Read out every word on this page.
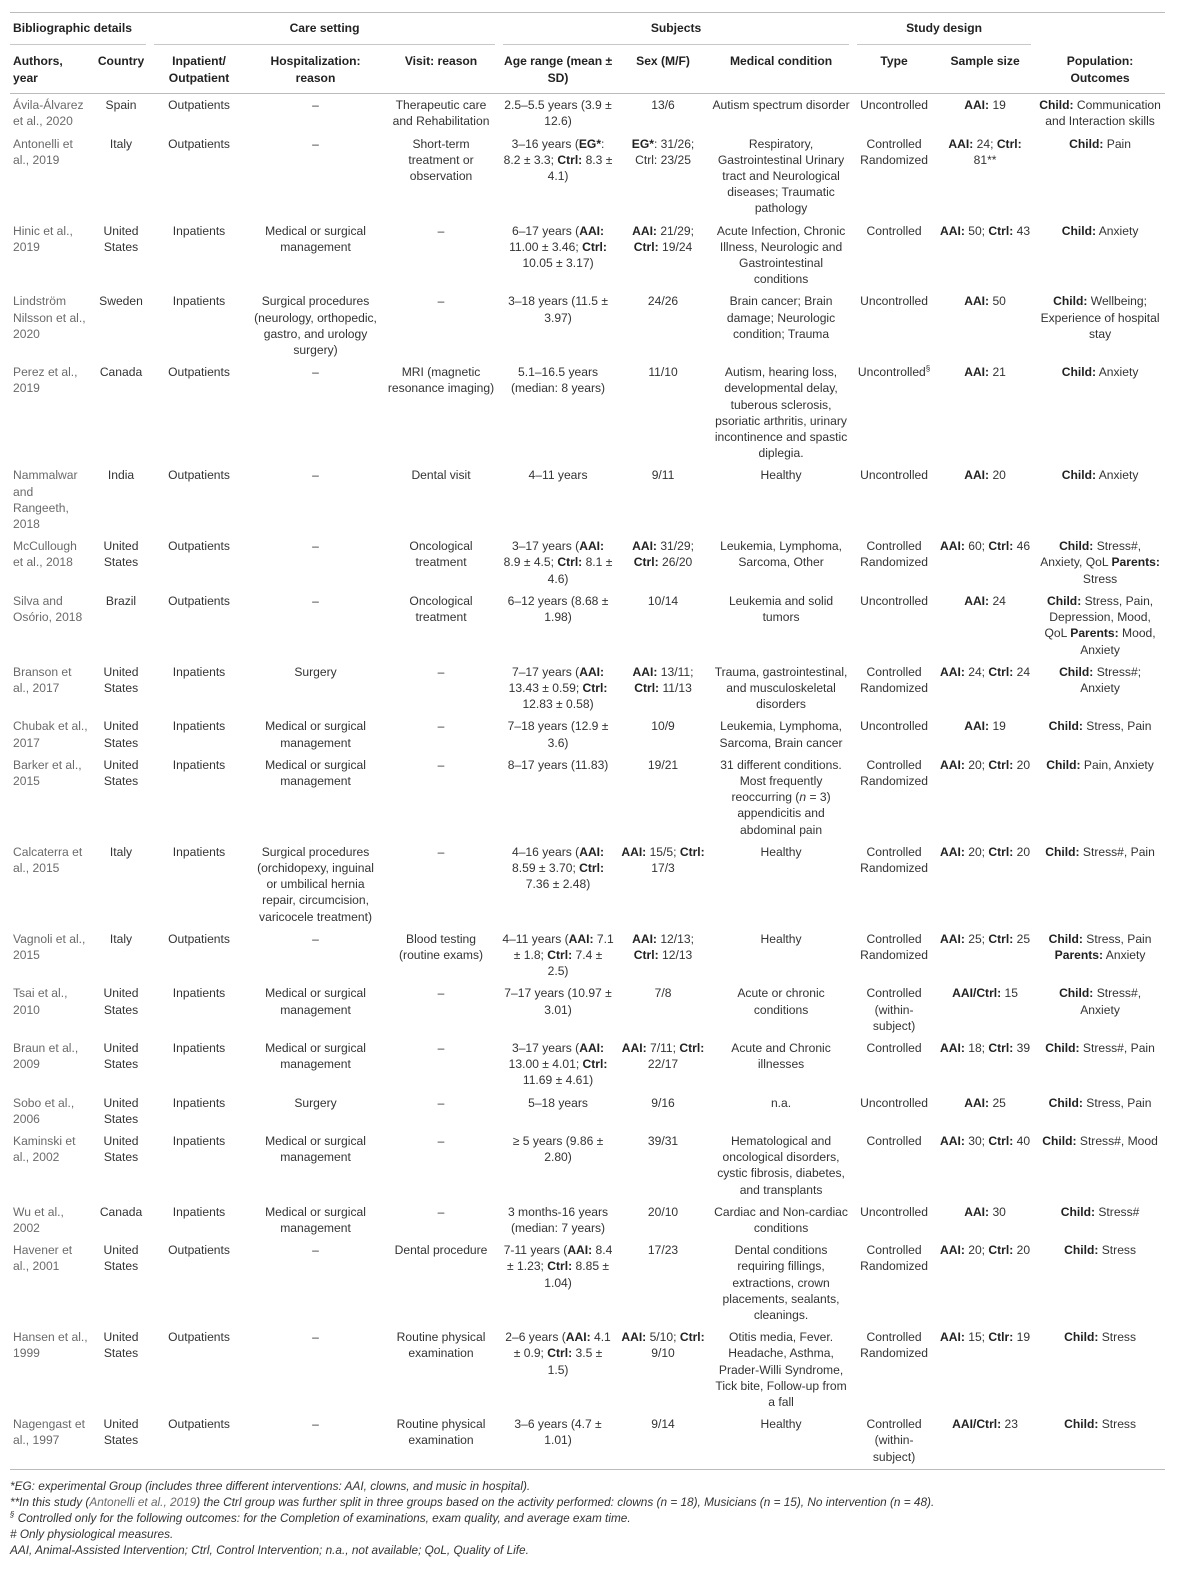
Bibliographic details		Care setting			Subjects			Study design		

Authors, year	Country	Inpatient/ Outpatient	Hospitalization: reason	Visit: reason	Age range (mean ± SD)	Sex (M/F)	Medical condition	Type	Sample size	Population: Outcomes
Ávila-Álvarez et al., 2020	Spain	Outpatients	–	Therapeutic care and Rehabilitation	2.5–5.5 years (3.9 ± 12.6)	13/6	Autism spectrum disorder	Uncontrolled	AAI: 19	Child: Communication and Interaction skills
Antonelli et al., 2019	Italy	Outpatients	–	Short-term treatment or observation	3–16 years (EG*: 8.2 ± 3.3; Ctrl: 8.3 ± 4.1)	EG*: 31/26; Ctrl: 23/25	Respiratory, Gastrointestinal Urinary tract and Neurological diseases; Traumatic pathology	Controlled Randomized	AAI: 24; Ctrl: 81**	Child: Pain
Hinic et al., 2019	United States	Inpatients	Medical or surgical management	–	6–17 years (AAI: 11.00 ± 3.46; Ctrl: 10.05 ± 3.17)	AAI: 21/29; Ctrl: 19/24	Acute Infection, Chronic Illness, Neurologic and Gastrointestinal conditions	Controlled	AAI: 50; Ctrl: 43	Child: Anxiety
Lindström Nilsson et al., 2020	Sweden	Inpatients	Surgical procedures (neurology, orthopedic, gastro, and urology surgery)	–	3–18 years (11.5 ± 3.97)	24/26	Brain cancer; Brain damage; Neurologic condition; Trauma	Uncontrolled	AAI: 50	Child: Wellbeing; Experience of hospital stay
Perez et al., 2019	Canada	Outpatients	–	MRI (magnetic resonance imaging)	5.1–16.5 years (median: 8 years)	11/10	Autism, hearing loss, developmental delay, tuberous sclerosis, psoriatic arthritis, urinary incontinence and spastic diplegia.	Uncontrolled§	AAI: 21	Child: Anxiety
Nammalwar and Rangeeth, 2018	India	Outpatients	–	Dental visit	4–11 years	9/11	Healthy	Uncontrolled	AAI: 20	Child: Anxiety
McCullough et al., 2018	United States	Outpatients	–	Oncological treatment	3–17 years (AAI: 8.9 ± 4.5; Ctrl: 8.1 ± 4.6)	AAI: 31/29; Ctrl: 26/20	Leukemia, Lymphoma, Sarcoma, Other	Controlled Randomized	AAI: 60; Ctrl: 46	Child: Stress#, Anxiety, QoL Parents: Stress
Silva and Osório, 2018	Brazil	Outpatients	–	Oncological treatment	6–12 years (8.68 ± 1.98)	10/14	Leukemia and solid tumors	Uncontrolled	AAI: 24	Child: Stress, Pain, Depression, Mood, QoL Parents: Mood, Anxiety
Branson et al., 2017	United States	Inpatients	Surgery	–	7–17 years (AAI: 13.43 ± 0.59; Ctrl: 12.83 ± 0.58)	AAI: 13/11; Ctrl: 11/13	Trauma, gastrointestinal, and musculoskeletal disorders	Controlled Randomized	AAI: 24; Ctrl: 24	Child: Stress#; Anxiety
Chubak et al., 2017	United States	Inpatients	Medical or surgical management	–	7–18 years (12.9 ± 3.6)	10/9	Leukemia, Lymphoma, Sarcoma, Brain cancer	Uncontrolled	AAI: 19	Child: Stress, Pain
Barker et al., 2015	United States	Inpatients	Medical or surgical management	–	8–17 years (11.83)	19/21	31 different conditions. Most frequently reoccurring (n = 3) appendicitis and abdominal pain	Controlled Randomized	AAI: 20; Ctrl: 20	Child: Pain, Anxiety
Calcaterra et al., 2015	Italy	Inpatients	Surgical procedures (orchidopexy, inguinal or umbilical hernia repair, circumcision, varicocele treatment)	–	4–16 years (AAI: 8.59 ± 3.70; Ctrl: 7.36 ± 2.48)	AAI: 15/5; Ctrl: 17/3	Healthy	Controlled Randomized	AAI: 20; Ctrl: 20	Child: Stress#, Pain
Vagnoli et al., 2015	Italy	Outpatients	–	Blood testing (routine exams)	4–11 years (AAI: 7.1 ± 1.8; Ctrl: 7.4 ± 2.5)	AAI: 12/13; Ctrl: 12/13	Healthy	Controlled Randomized	AAI: 25; Ctrl: 25	Child: Stress, Pain Parents: Anxiety
Tsai et al., 2010	United States	Inpatients	Medical or surgical management	–	7–17 years (10.97 ± 3.01)	7/8	Acute or chronic conditions	Controlled (within-subject)	AAI/Ctrl: 15	Child: Stress#, Anxiety
Braun et al., 2009	United States	Inpatients	Medical or surgical management	–	3–17 years (AAI: 13.00 ± 4.01; Ctrl: 11.69 ± 4.61)	AAI: 7/11; Ctrl: 22/17	Acute and Chronic illnesses	Controlled	AAI: 18; Ctrl: 39	Child: Stress#, Pain
Sobo et al., 2006	United States	Inpatients	Surgery	–	5–18 years	9/16	n.a.	Uncontrolled	AAI: 25	Child: Stress, Pain
Kaminski et al., 2002	United States	Inpatients	Medical or surgical management	–	≥ 5 years (9.86 ± 2.80)	39/31	Hematological and oncological disorders, cystic fibrosis, diabetes, and transplants	Controlled	AAI: 30; Ctrl: 40	Child: Stress#, Mood
Wu et al., 2002	Canada	Inpatients	Medical or surgical management	–	3 months-16 years (median: 7 years)	20/10	Cardiac and Non-cardiac conditions	Uncontrolled	AAI: 30	Child: Stress#
Havener et al., 2001	United States	Outpatients	–	Dental procedure	7-11 years (AAI: 8.4 ± 1.23; Ctrl: 8.85 ± 1.04)	17/23	Dental conditions requiring fillings, extractions, crown placements, sealants, cleanings.	Controlled Randomized	AAI: 20; Ctrl: 20	Child: Stress
Hansen et al., 1999	United States	Outpatients	–	Routine physical examination	2–6 years (AAI: 4.1 ± 0.9; Ctrl: 3.5 ± 1.5)	AAI: 5/10; Ctrl: 9/10	Otitis media, Fever. Headache, Asthma, Prader-Willi Syndrome, Tick bite, Follow-up from a fall	Controlled Randomized	AAI: 15; Ctlr: 19	Child: Stress
Nagengast et al., 1997	United States	Outpatients	–	Routine physical examination	3–6 years (4.7 ± 1.01)	9/14	Healthy	Controlled (within-subject)	AAI/Ctrl: 23	Child: Stress
*EG: experimental Group (includes three different interventions: AAI, clowns, and music in hospital).
**In this study (Antonelli et al., 2019) the Ctrl group was further split in three groups based on the activity performed: clowns (n = 18), Musicians (n = 15), No intervention (n = 48).
§ Controlled only for the following outcomes: for the Completion of examinations, exam quality, and average exam time.
# Only physiological measures.
AAI, Animal-Assisted Intervention; Ctrl, Control Intervention; n.a., not available; QoL, Quality of Life.
